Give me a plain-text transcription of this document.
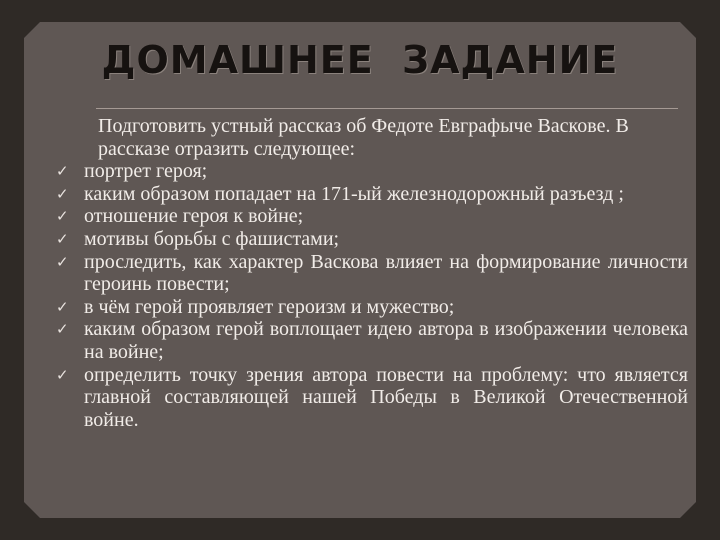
ДОМАШНЕЕ  ЗАДАНИЕ
Подготовить устный рассказ об Федоте Евграфыче Васкове. В рассказе отразить следующее:
✓ портрет героя;
✓ каким образом попадает на 171-ый железнодорожный разъезд ;
✓ отношение героя к войне;
✓ мотивы борьбы с фашистами;
✓ проследить, как характер Васкова влияет на формирование личности героинь повести;
✓ в чём герой проявляет героизм и мужество;
✓ каким образом герой воплощает идею автора в изображении человека на войне;
✓ определить точку зрения автора повести на проблему: что является главной составляющей нашей Победы в Великой Отечественной войне.
